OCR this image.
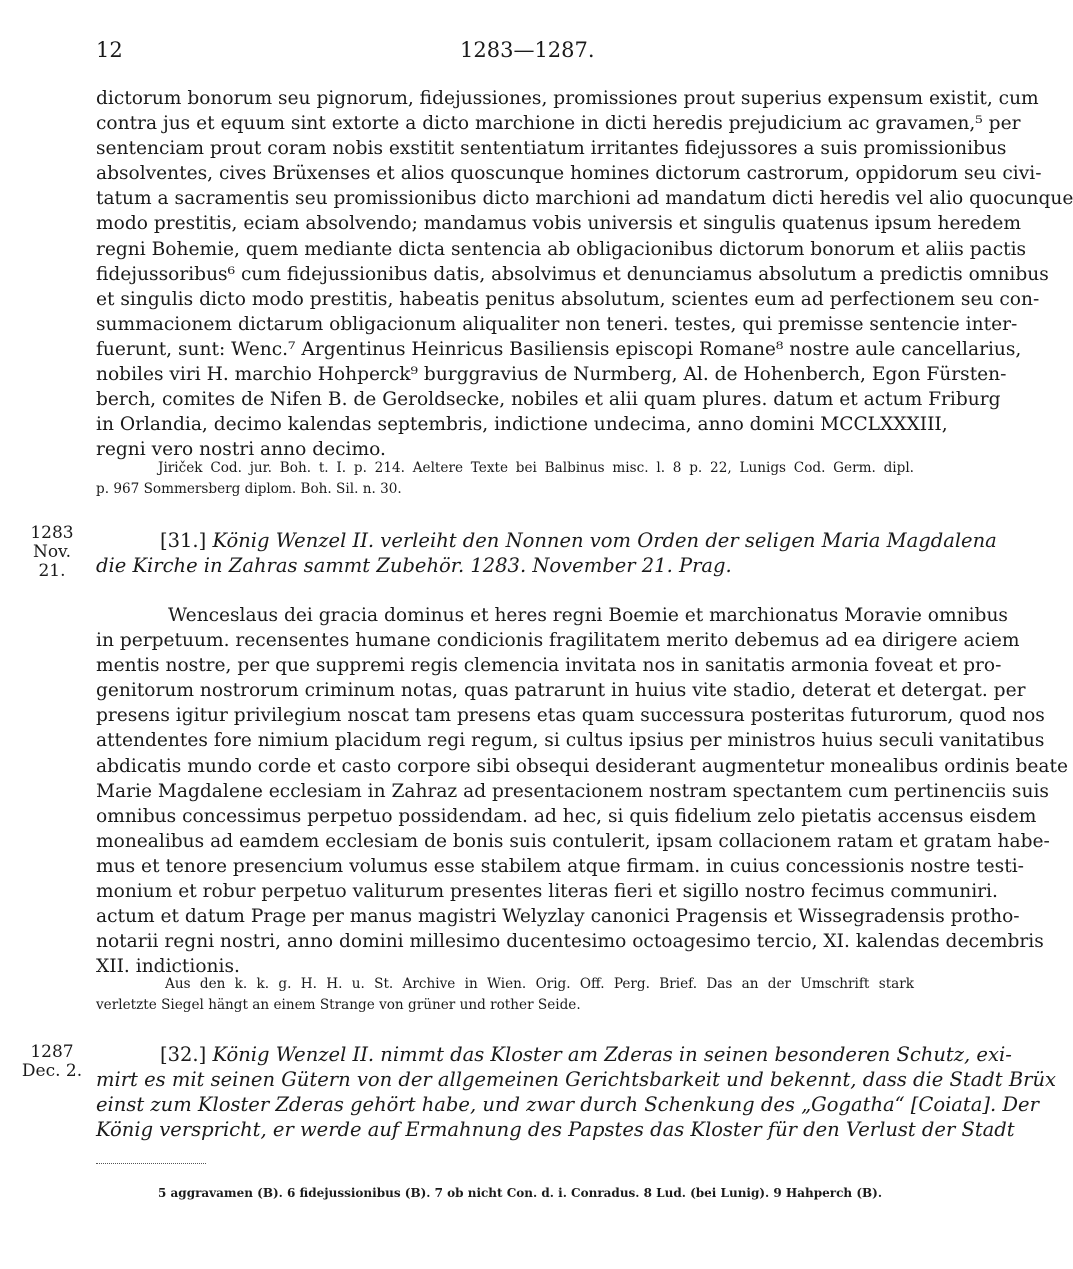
12	1283—1287.
dictorum bonorum seu pignorum, fidejussiones, promissiones prout superius expensum existit, cum
contra jus et equum sint extorte a dicto marchione in dicti heredis prejudicium ac gravamen,⁵ per
sentenciam prout coram nobis exstitit sententiatum irritantes fidejussores a suis promissionibus
absolventes, cives Brüxenses et alios quoscunque homines dictorum castrorum, oppidorum seu civi-
tatum a sacramentis seu promissionibus dicto marchioni ad mandatum dicti heredis vel alio quocunque
modo prestitis, eciam absolvendo; mandamus vobis universis et singulis quatenus ipsum heredem
regni Bohemie, quem mediante dicta sentencia ab obligacionibus dictorum bonorum et aliis pactis
fidejussoribus⁶ cum fidejussionibus datis, absolvimus et denunciamus absolutum a predictis omnibus
et singulis dicto modo prestitis, habeatis penitus absolutum, scientes eum ad perfectionem seu con-
summacionem dictarum obligacionum aliqualiter non teneri. testes, qui premisse sentencie inter-
fuerunt, sunt: Wenc.⁷ Argentinus Heinricus Basiliensis episcopi Romane⁸ nostre aule cancellarius,
nobiles viri H. marchio Hohperck⁹ burggravius de Nurmberg, Al. de Hohenberch, Egon Fürsten-
berch, comites de Nifen B. de Geroldsecke, nobiles et alii quam plures. datum et actum Friburg
in Orlandia, decimo kalendas septembris, indictione undecima, anno domini MCCLXXXIII,
regni vero nostri anno decimo.
Jiriček Cod. jur. Boh. t. I. p. 214. Aeltere Texte bei Balbinus misc. l. 8 p. 22, Lunigs Cod. Germ. dipl.
p. 967 Sommersberg diplom. Boh. Sil. n. 30.
1283
Nov. 21.
[31.] König Wenzel II. verleiht den Nonnen vom Orden der seligen Maria Magdalena
die Kirche in Zahras sammt Zubehör. 1283. November 21. Prag.
Wenceslaus dei gracia dominus et heres regni Boemie et marchionatus Moravie omnibus
in perpetuum. recensentes humane condicionis fragilitatem merito debemus ad ea dirigere aciem
mentis nostre, per que suppremi regis clemencia invitata nos in sanitatis armonia foveat et pro-
genitorum nostrorum criminum notas, quas patrarunt in huius vite stadio, deterat et detergat. per
presens igitur privilegium noscat tam presens etas quam successura posteritas futurorum, quod nos
attendentes fore nimium placidum regi regum, si cultus ipsius per ministros huius seculi vanitatibus
abdicatis mundo corde et casto corpore sibi obsequi desiderant augmentetur monealibus ordinis beate
Marie Magdalene ecclesiam in Zahraz ad presentacionem nostram spectantem cum pertinenciis suis
omnibus concessimus perpetuo possidendam. ad hec, si quis fidelium zelo pietatis accensus eisdem
monealibus ad eamdem ecclesiam de bonis suis contulerit, ipsam collacionem ratam et gratam habe-
mus et tenore presencium volumus esse stabilem atque firmam. in cuius concessionis nostre testi-
monium et robur perpetuo valiturum presentes literas fieri et sigillo nostro fecimus communiri.
actum et datum Prage per manus magistri Welyzlay canonici Pragensis et Wissegradensis protho-
notarii regni nostri, anno domini millesimo ducentesimo octoagesimo tercio, XI. kalendas decembris
XII. indictionis.
Aus den k. k. g. H. H. u. St. Archive in Wien. Orig. Off. Perg. Brief. Das an der Umschrift stark
verletzte Siegel hängt an einem Strange von grüner und rother Seide.
1287
Dec. 2.
[32.] König Wenzel II. nimmt das Kloster am Zderas in seinen besonderen Schutz, exi-
mirt es mit seinen Gütern von der allgemeinen Gerichtsbarkeit und bekennt, dass die Stadt Brüx
einst zum Kloster Zderas gehört habe, und zwar durch Schenkung des „Gogatha“ [Coiata]. Der
König verspricht, er werde auf Ermahnung des Papstes das Kloster für den Verlust der Stadt
5 aggravamen (B). 6 fidejussionibus (B). 7 ob nicht Con. d. i. Conradus. 8 Lud. (bei Lunig). 9 Hahperch (B).
